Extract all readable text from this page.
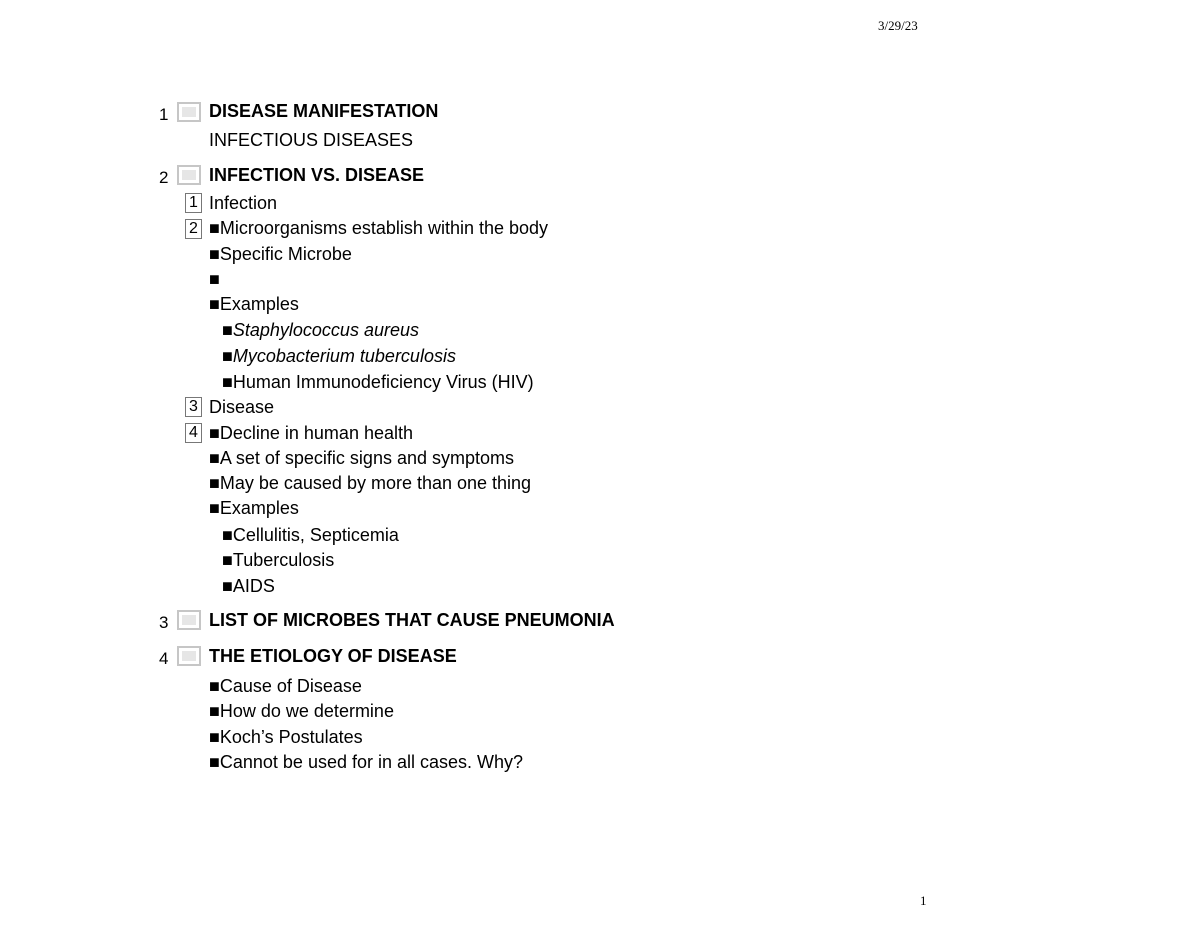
3/29/23
1 DISEASE MANIFESTATION
INFECTIOUS DISEASES
2 INFECTION VS. DISEASE
1 Infection
2 ■Microorganisms establish within the body
■Specific Microbe
■
■Examples
■Staphylococcus aureus
■Mycobacterium tuberculosis
■Human Immunodeficiency Virus (HIV)
3 Disease
4 ■Decline in human health
■A set of specific signs and symptoms
■May be caused by more than one thing
■Examples
■Cellulitis, Septicemia
■Tuberculosis
■AIDS
3 LIST OF MICROBES THAT CAUSE PNEUMONIA
4 THE ETIOLOGY OF DISEASE
■Cause of Disease
■How do we determine
■Koch’s Postulates
■Cannot be used for in all cases. Why?
1
